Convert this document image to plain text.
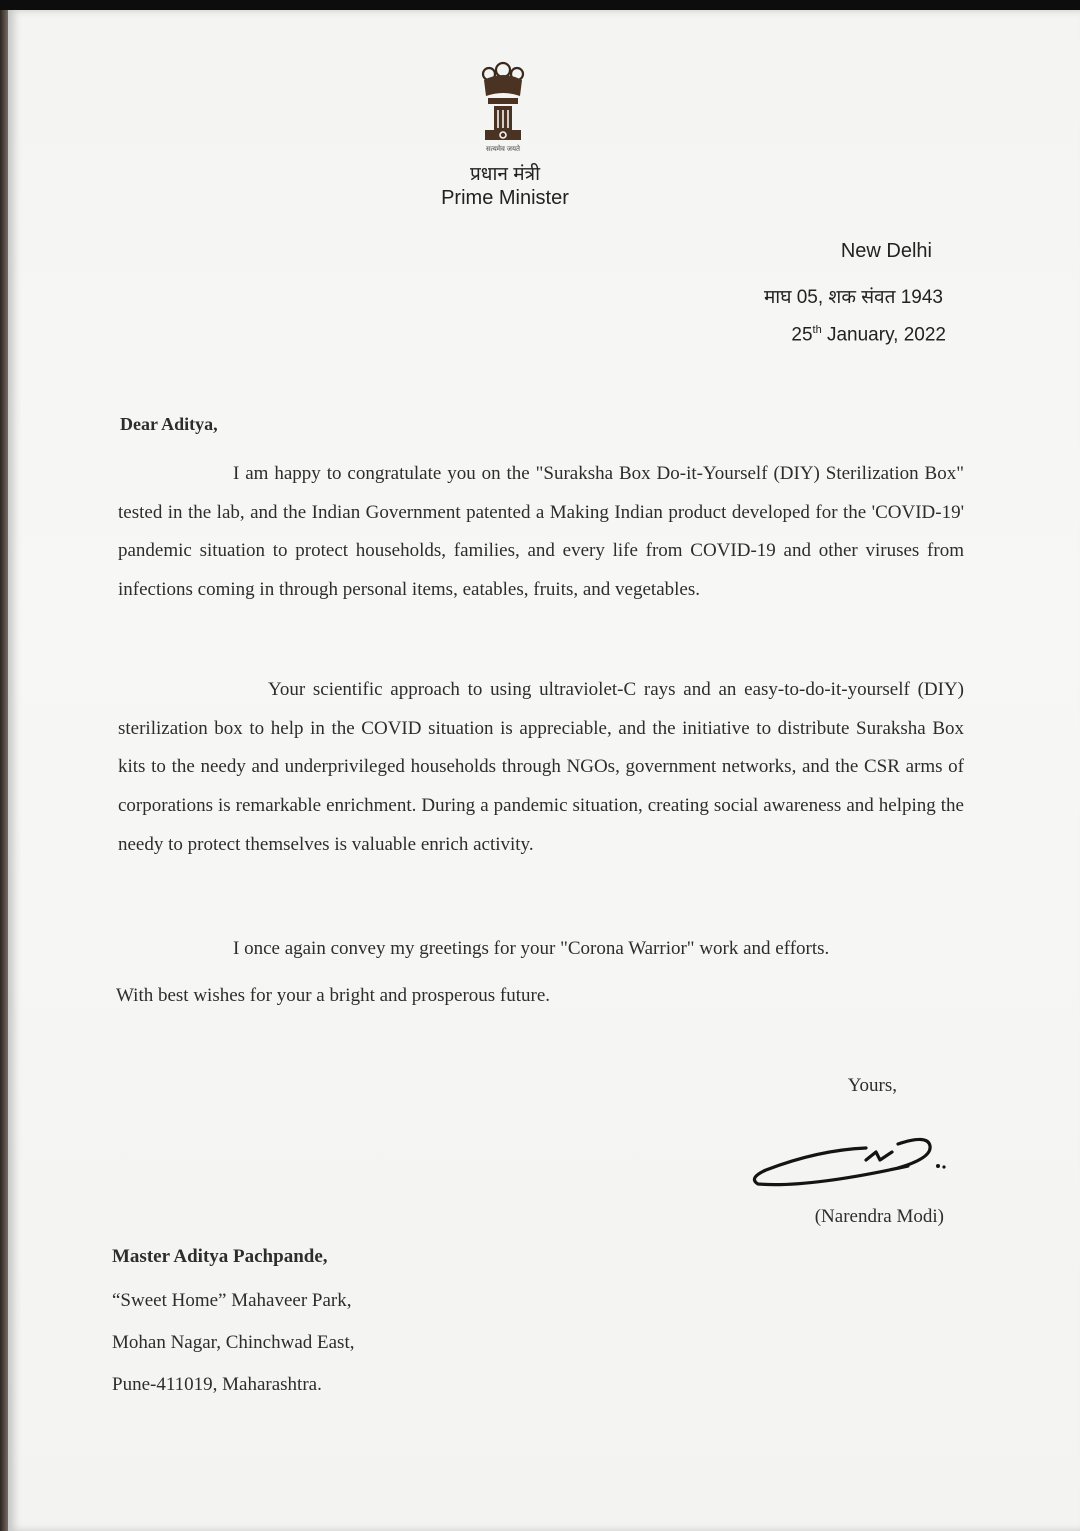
सत्यमेव जयते
प्रधान मंत्री
Prime Minister
New Delhi
माघ 05, शक संवत 1943
25th January, 2022
Dear Aditya,

I am happy to congratulate you on the "Suraksha Box Do-it-Yourself (DIY) Sterilization Box" tested in the lab, and the Indian Government patented a Making Indian product developed for the 'COVID-19' pandemic situation to protect households, families, and every life from COVID-19 and other viruses from infections coming in through personal items, eatables, fruits, and vegetables.

Your scientific approach to using ultraviolet-C rays and an easy-to-do-it-yourself (DIY) sterilization box to help in the COVID situation is appreciable, and the initiative to distribute Suraksha Box kits to the needy and underprivileged households through NGOs, government networks, and the CSR arms of corporations is remarkable enrichment. During a pandemic situation, creating social awareness and helping the needy to protect themselves is valuable enrich activity.

I once again convey my greetings for your "Corona Warrior" work and efforts.

With best wishes for your a bright and prosperous future.
Yours,
(Narendra Modi)
Master Aditya Pachpande,
“Sweet Home” Mahaveer Park,
Mohan Nagar, Chinchwad East,
Pune-411019, Maharashtra.
